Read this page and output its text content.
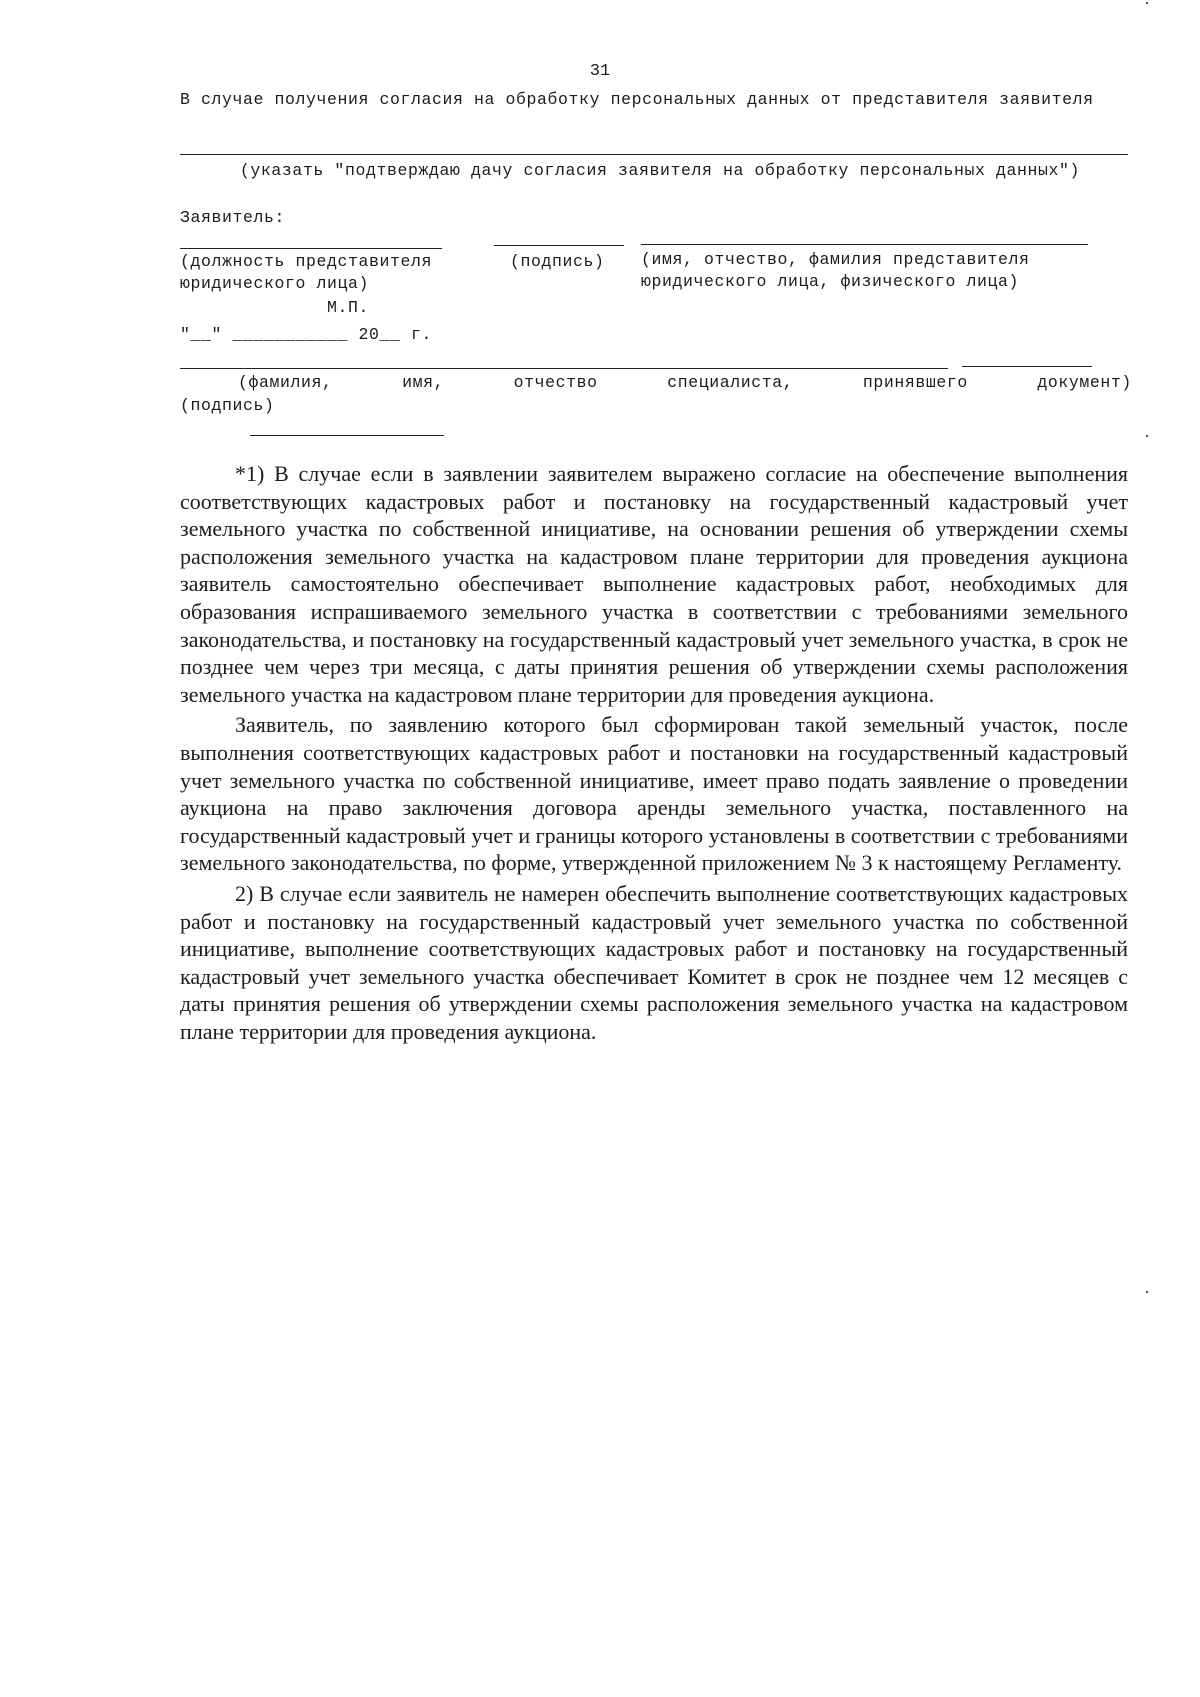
31
В случае получения согласия на обработку персональных данных от представителя заявителя
(указать "подтверждаю дачу согласия заявителя на обработку персональных данных")
Заявитель:
(должность представителя юридического лица)
(подпись) (имя, отчество, фамилия представителя юридического лица, физического лица)
М.П.
"__" ___________ 20__ г.
(фамилия,	имя,	отчество	специалиста,	принявшего	документ)
(подпись)

*1) В случае если в заявлении заявителем выражено согласие на обеспечение выполнения соответствующих кадастровых работ и постановку на государственный кадастровый учет земельного участка по собственной инициативе, на основании решения об утверждении схемы расположения земельного участка на кадастровом плане территории для проведения аукциона заявитель самостоятельно обеспечивает выполнение кадастровых работ, необходимых для образования испрашиваемого земельного участка в соответствии с требованиями земельного законодательства, и постановку на государственный кадастровый учет земельного участка, в срок не позднее чем через три месяца, с даты принятия решения об утверждении схемы расположения земельного участка на кадастровом плане территории для проведения аукциона.

Заявитель, по заявлению которого был сформирован такой земельный участок, после выполнения соответствующих кадастровых работ и постановки на государственный кадастровый учет земельного участка по собственной инициативе, имеет право подать заявление о проведении аукциона на право заключения договора аренды земельного участка, поставленного на государственный кадастровый учет и границы которого установлены в соответствии с требованиями земельного законодательства, по форме, утвержденной приложением № 3 к настоящему Регламенту.

2) В случае если заявитель не намерен обеспечить выполнение соответствующих кадастровых работ и постановку на государственный кадастровый учет земельного участка по собственной инициативе, выполнение соответствующих кадастровых работ и постановку на государственный кадастровый учет земельного участка обеспечивает Комитет в срок не позднее чем 12 месяцев с даты принятия решения об утверждении схемы расположения земельного участка на кадастровом плане территории для проведения аукциона.
